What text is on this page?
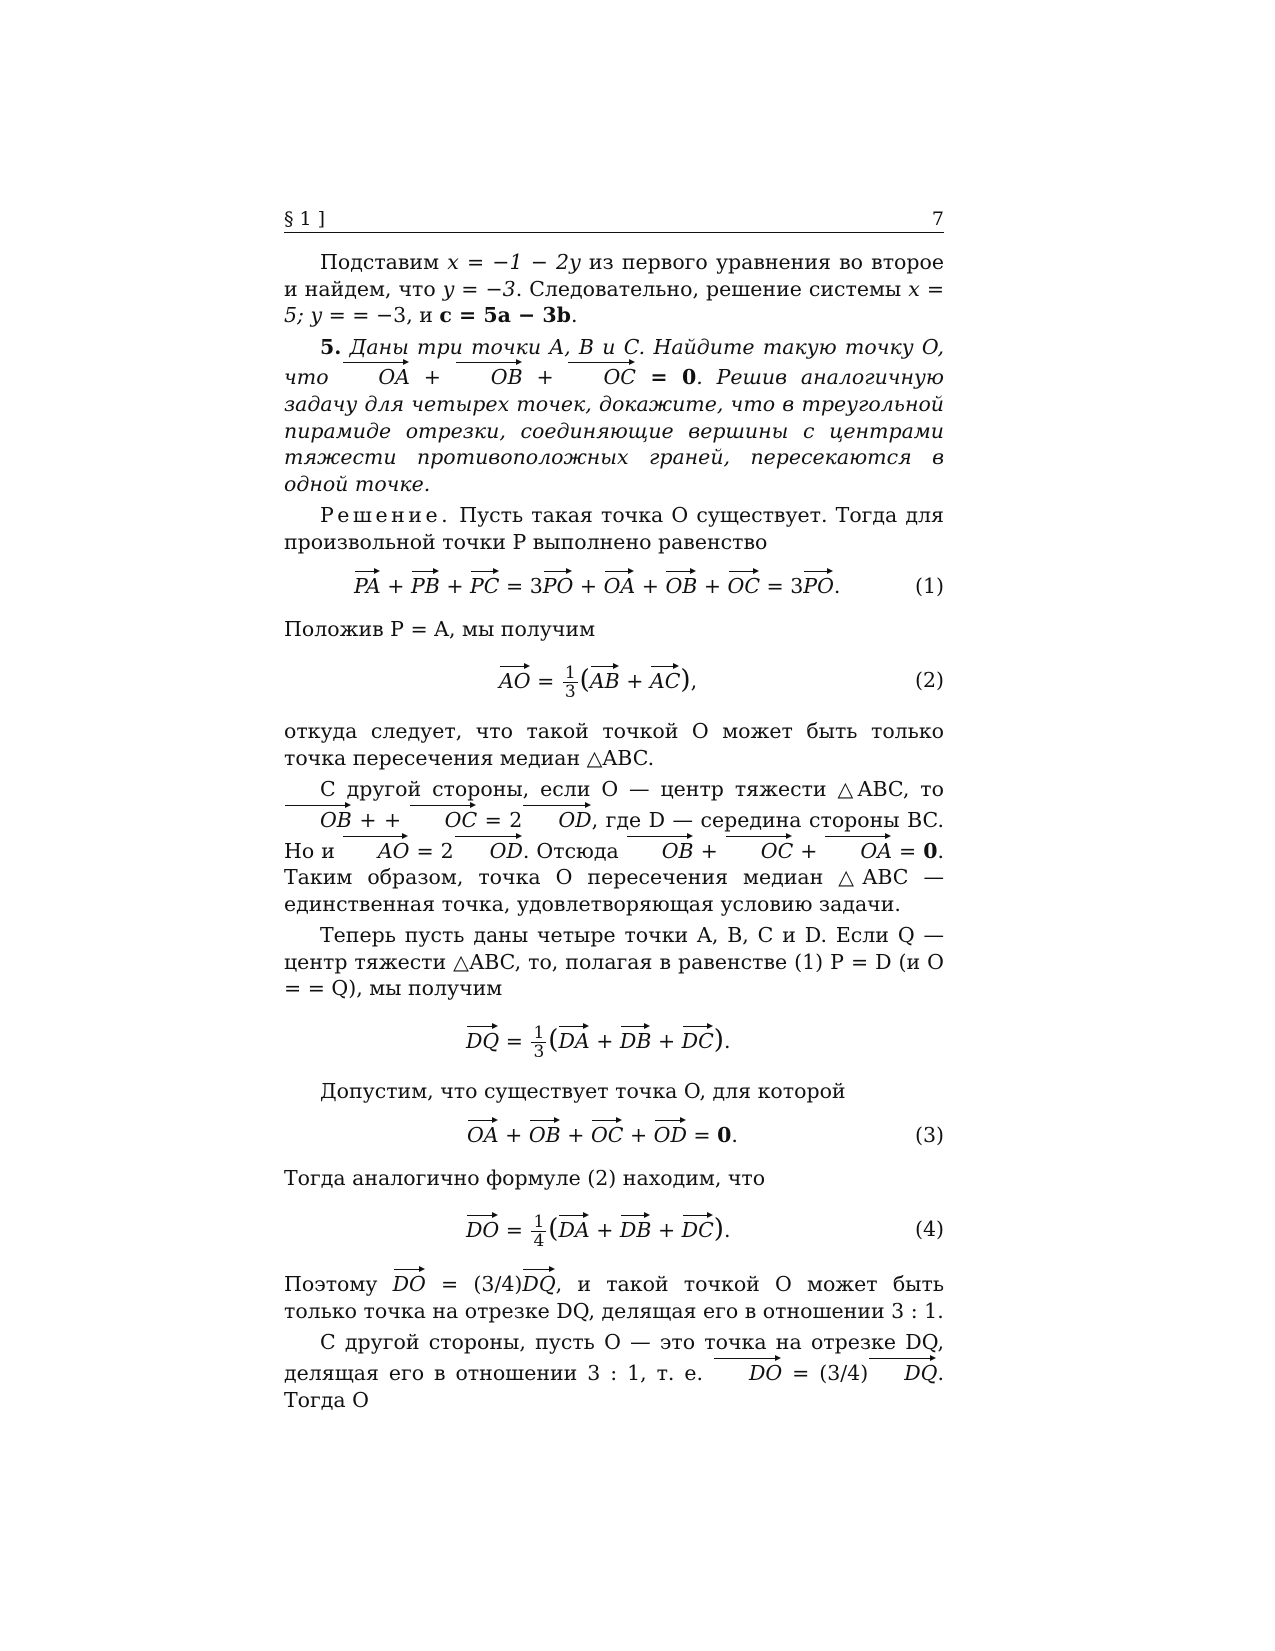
§ 1 ]	7

Подставим x = −1 − 2y из первого уравнения во второе и найдем, что y = −3. Следовательно, решение системы x = 5; y = = −3, и c = 5a − 3b.

5. Даны три точки A, B и C. Найдите такую точку O, что OA + OB + OC = 0. Решив аналогичную задачу для четырех точек, докажите, что в треугольной пирамиде отрезки, соединяющие вершины с центрами тяжести противоположных граней, пересекаются в одной точке.

Решение. Пусть такая точка O существует. Тогда для произвольной точки P выполнено равенство

PA + PB + PC = 3PO + OA + OB + OC = 3PO.	(1)

Положив P = A, мы получим

AO = $\frac{1}{3} (AB + AC)$,	(2)

откуда следует, что такой точкой O может быть только точка пересечения медиан △ABC.

С другой стороны, если O — центр тяжести △ABC, то OB + + OC = 2 OD, где D — середина стороны BC. Но и AO = 2 OD. Отсюда OB + OC + OA = 0. Таким образом, точка O пересечения медиан △ABC — единственная точка, удовлетворяющая условию задачи.

Теперь пусть даны четыре точки A, B, C и D. Если Q — центр тяжести △ABC, то, полагая в равенстве (1) P = D (и O = = Q), мы получим

DQ = $\frac{1}{3} (DA$ + DB + DC).

Допустим, что существует точка O, для которой

OA + OB + OC + OD = 0.	(3)

Тогда аналогично формуле (2) находим, что

DO = $\frac{1}{4} (DA$ + DB + DC).	(4)

Поэтому DO = (3/4)DQ, и такой точкой O может быть только точка на отрезке DQ, делящая его в отношении 3 : 1.

С другой стороны, пусть O — это точка на отрезке DQ, делящая его в отношении 3 : 1, т. е. DO = (3/4) DQ. Тогда O
